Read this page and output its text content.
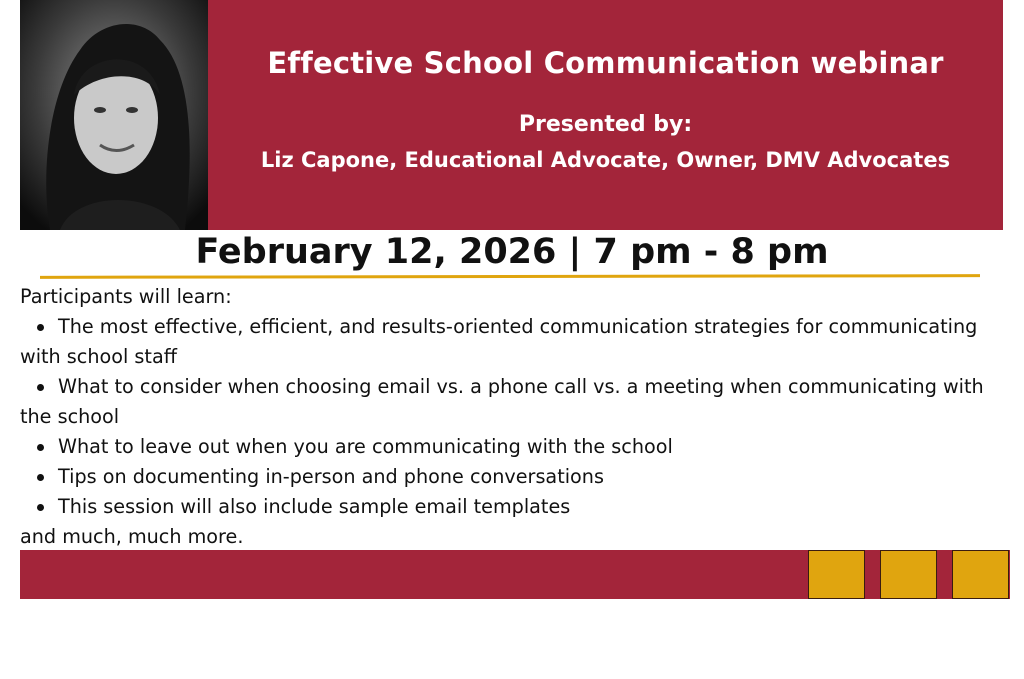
Effective School Communication webinar
Presented by:
Liz Capone, Educational Advocate, Owner, DMV Advocates
February 12, 2026 | 7 pm - 8 pm

Participants will learn:

The most effective, efficient, and results-oriented communication strategies for communicating with school staff
What to consider when choosing email vs. a phone call vs. a meeting when communicating with the school
What to leave out when you are communicating with the school
Tips on documenting in-person and phone conversations
This session will also include sample email templates

and much, much more.
